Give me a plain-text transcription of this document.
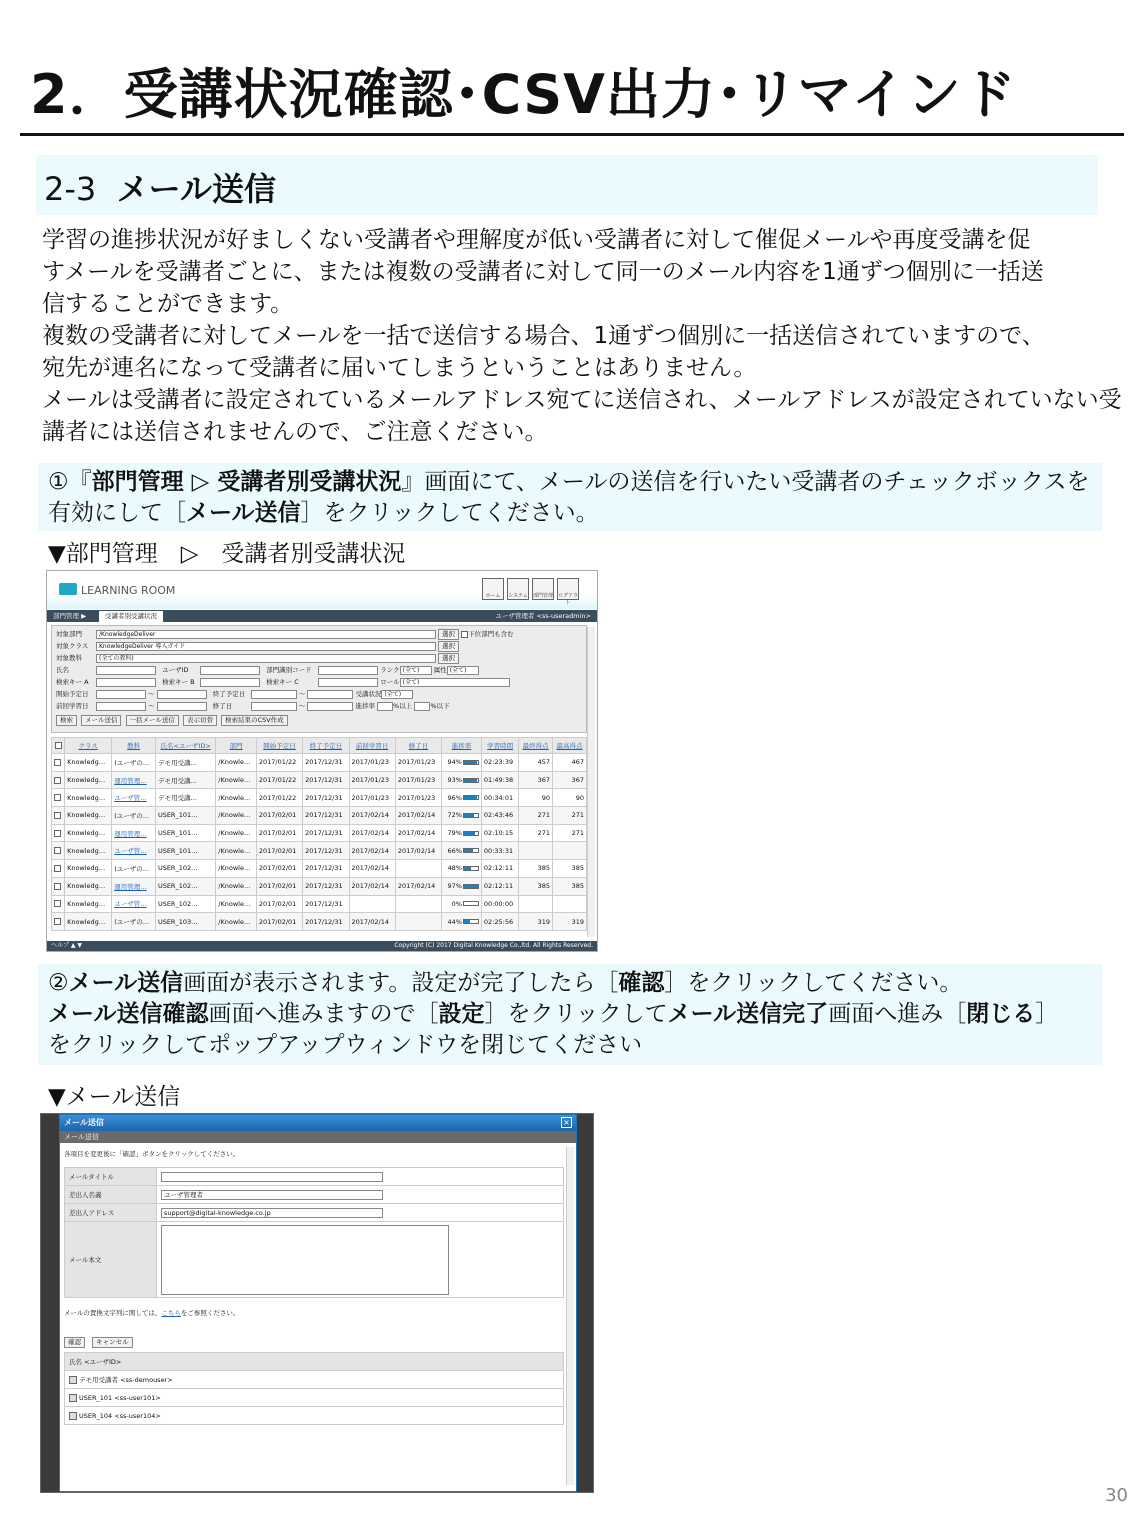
2．受講状況確認･CSV出力･リマインド
2-3 メール送信

学習の進捗状況が好ましくない受講者や理解度が低い受講者に対して催促メールや再度受講を促

すメールを受講者ごとに、または複数の受講者に対して同一のメール内容を1通ずつ個別に一括送

信することができます。

複数の受講者に対してメールを一括で送信する場合、1通ずつ個別に一括送信されていますので、

宛先が連名になって受講者に届いてしまうということはありません。

メールは受講者に設定されているメールアドレス宛てに送信され、メールアドレスが設定されていない受

講者には送信されませんので、ご注意ください。

①『部門管理 ▷ 受講者別受講状況』画面にて、メールの送信を行いたい受講者のチェックボックスを

有効にして［メール送信］をクリックしてください。

▼部門管理　▷　受講者別受講状況
LEARNING ROOM	ホーム	システム 部門管理 ログアウト
部門管理 ▶	受講者別受講状況	ユーザ管理者 <ss-useradmin>
対象部門	/KnowledgeDeliver	選択 下位部門も含む
対象クラス KnowledgeDeliver 導入ガイド	選択
対象教科	(全ての教科)	選択
氏名	ユーザID	部門識別コード	ランク (全て) 属性 (全て)
検索キー A	検索キー B	検索キー C	ロール (全て)
開始予定日	～	終了予定日	～	受講状況 (全て)
前回学習日	～	修了日	～	進捗率	%以上	%以下
検索 メール送信 一括メール送信 表示切替 検索結果のCSV作成
	クラス	教科	氏名<ユーザID>	部門	開始予定日	終了予定日	前回学習日	修了日	進捗率	学習時間	最終得点	最高得点
	Knowledg…	(ユーザの…	デモ用受講…	/Knowle…	2017/01/22	2017/12/31	2017/01/23	2017/01/23	94%	02:23:39	457	467
	Knowledg…	運用管理…	デモ用受講…	/Knowle…	2017/01/22	2017/12/31	2017/01/23	2017/01/23	93%	01:49:38	367	367
	Knowledg…	ユーザ管…	デモ用受講…	/Knowle…	2017/01/22	2017/12/31	2017/01/23	2017/01/23	96%	00:34:01	90	90
	Knowledg…	(ユーザの…	USER_101…	/Knowle…	2017/02/01	2017/12/31	2017/02/14	2017/02/14	72%	02:43:46	271	271
	Knowledg…	運用管理…	USER_101…	/Knowle…	2017/02/01	2017/12/31	2017/02/14	2017/02/14	79%	02:10:15	271	271
	Knowledg…	ユーザ管…	USER_101…	/Knowle…	2017/02/01	2017/12/31	2017/02/14	2017/02/14	66%	00:33:31		
	Knowledg…	(ユーザの…	USER_102…	/Knowle…	2017/02/01	2017/12/31	2017/02/14		48%	02:12:11	385	385
	Knowledg…	運用管理…	USER_102…	/Knowle…	2017/02/01	2017/12/31	2017/02/14	2017/02/14	97%	02:12:11	385	385
	Knowledg…	ユーザ管…	USER_102…	/Knowle…	2017/02/01	2017/12/31			0%	00:00:00		
	Knowledg…	(ユーザの…	USER_103…	/Knowle…	2017/02/01	2017/12/31	2017/02/14		44%	02:25:56	319	319
ヘルプ ▲ ▼	Copyright (C) 2017 Digital Knowledge Co.,ltd. All Rights Reserved.

②メール送信画面が表示されます。設定が完了したら［確認］をクリックしてください。

メール送信確認画面へ進みますので［設定］をクリックしてメール送信完了画面へ進み［閉じる］

をクリックしてポップアップウィンドウを閉じてください

▼メール送信
メール送信	×
メール送信
各項目を変更後に「確認」ボタンをクリックしてください。
メールタイトル	
差出人名義	ユーザ管理者
差出人アドレス	support@digital-knowledge.co.jp
メール本文	
メールの置換文字列に関しては、こちらをご参照ください。
確認 キャンセル
氏名 <ユーザID>
デモ用受講者 <ss-demouser>
USER_101 <ss-user101>
USER_104 <ss-user104>
30
